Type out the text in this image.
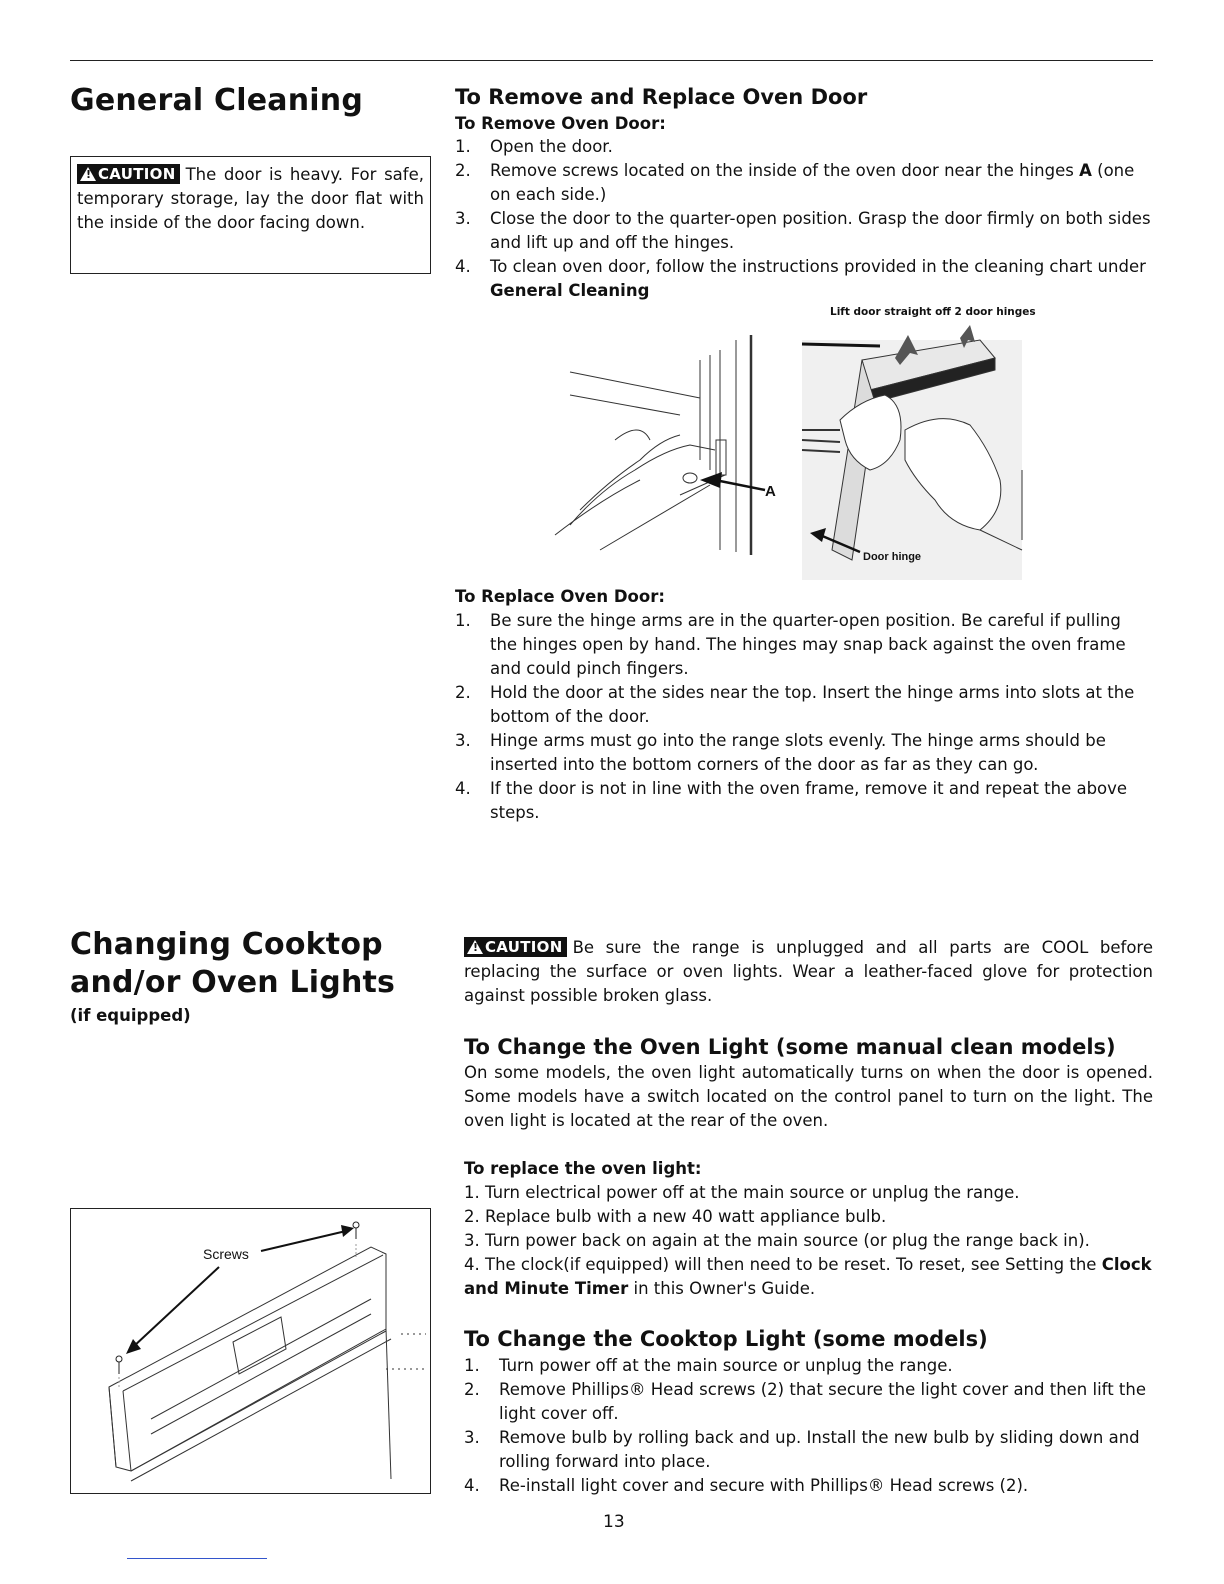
General Cleaning
! CAUTION The door is heavy. For safe, temporary storage, lay the door flat with the inside of the door facing down.
To Remove and Replace Oven Door
To Remove Oven Door:
1. Open the door.
2. Remove screws located on the inside of the oven door near the hinges A (one on each side.)
3. Close the door to the quarter-open position. Grasp the door firmly on both sides and lift up and off the hinges.
4. To clean oven door, follow the instructions provided in the cleaning chart under General Cleaning
Lift door straight off 2 door hinges
A
Door hinge
To Replace Oven Door:
1. Be sure the hinge arms are in the quarter-open position. Be careful if pulling the hinges open by hand. The hinges may snap back against the oven frame and could pinch fingers.
2. Hold the door at the sides near the top. Insert the hinge arms into slots at the bottom of the door.
3. Hinge arms must go into the range slots evenly. The hinge arms should be inserted into the bottom corners of the door as far as they can go.
4. If the door is not in line with the oven frame, remove it and repeat the above steps.
Changing Cooktop
and/or Oven Lights
(if equipped)
Screws
! CAUTION Be sure the range is unplugged and all parts are COOL before replacing the surface or oven lights. Wear a leather-faced glove for protection against possible broken glass.
To Change the Oven Light (some manual clean models)
On some models, the oven light automatically turns on when the door is opened. Some models have a switch located on the control panel to turn on the light. The oven light is located at the rear of the oven.
To replace the oven light:
1. Turn electrical power off at the main source or unplug the range.
2. Replace bulb with a new 40 watt appliance bulb.
3. Turn power back on again at the main source (or plug the range back in).
4. The clock(if equipped) will then need to be reset. To reset, see Setting the Clock and Minute Timer in this Owner's Guide.
To Change the Cooktop Light (some models)
1. Turn power off at the main source or unplug the range.
2. Remove Phillips® Head screws (2) that secure the light cover and then lift the light cover off.
3. Remove bulb by rolling back and up. Install the new bulb by sliding down and rolling forward into place.
4. Re-install light cover and secure with Phillips® Head screws (2).
13
